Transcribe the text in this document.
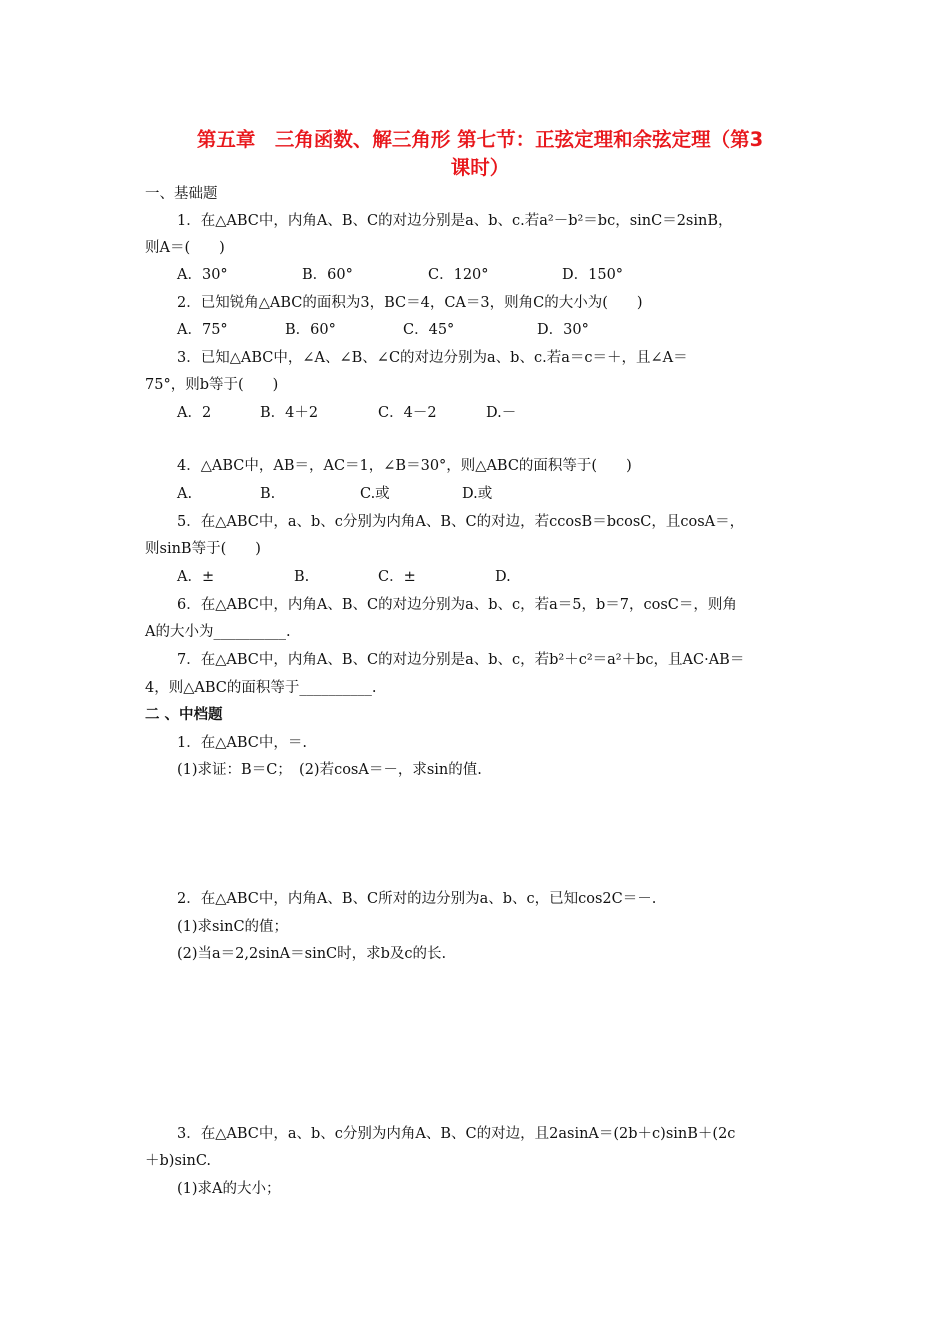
第五章　三角函数、解三角形 第七节：正弦定理和余弦定理（第3
课时）
一、基础题
1．在△ABC中，内角A、B、C的对边分别是a、b、c.若a²－b²＝bc，sinC＝2sinB，
则A＝(　　)
A．30°	B．60°	C．120°	D．150°
2．已知锐角△ABC的面积为3，BC＝4，CA＝3，则角C的大小为(　　)
A．75°	B．60°	C．45°	D．30°
3．已知△ABC中，∠A、∠B、∠C的对边分别为a、b、c.若a＝c＝＋，且∠A＝
75°，则b等于(　　)
A．2	B．4＋2	C．4－2	D.－
4．△ABC中，AB＝，AC＝1，∠B＝30°，则△ABC的面积等于(　　)
A.	B.	C.或	D.或
5．在△ABC中，a、b、c分别为内角A、B、C的对边，若ccosB＝bcosC，且cosA＝，
则sinB等于(　　)
A．±	B.	C．±	D.
6．在△ABC中，内角A、B、C的对边分别为a、b、c，若a＝5，b＝7，cosC＝，则角
A的大小为__________.
7．在△ABC中，内角A、B、C的对边分别是a、b、c，若b²＋c²＝a²＋bc，且AC·AB＝
4，则△ABC的面积等于__________.
二 、中档题
1．在△ABC中，＝.
(1)求证：B＝C；　(2)若cosA＝－，求sin的值.
2．在△ABC中，内角A、B、C所对的边分别为a、b、c，已知cos2C＝－.
(1)求sinC的值；
(2)当a＝2,2sinA＝sinC时，求b及c的长.
3．在△ABC中，a、b、c分别为内角A、B、C的对边，且2asinA＝(2b＋c)sinB＋(2c
＋b)sinC.
(1)求A的大小；
